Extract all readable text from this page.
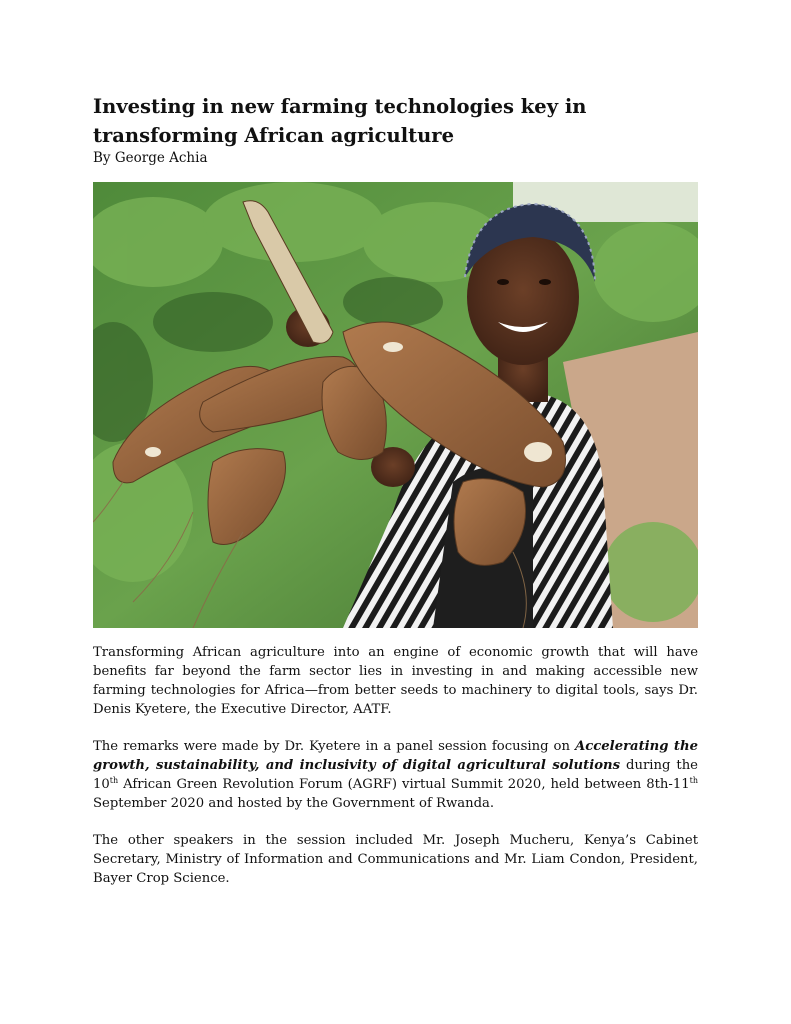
Investing in new farming technologies key in transforming African agriculture
By George Achia

Transforming African agriculture into an engine of economic growth that will have benefits far beyond the farm sector lies in investing in and making accessible new farming technologies for Africa—from better seeds to machinery to digital tools, says Dr. Denis Kyetere, the Executive Director, AATF.

The remarks were made by Dr. Kyetere in a panel session focusing on Accelerating the growth, sustainability, and inclusivity of digital agricultural solutions during the 10th African Green Revolution Forum (AGRF) virtual Summit 2020, held between 8th-11th September 2020 and hosted by the Government of Rwanda.

The other speakers in the session included Mr. Joseph Mucheru, Kenya’s Cabinet Secretary, Ministry of Information and Communications and Mr. Liam Condon, President, Bayer Crop Science.
